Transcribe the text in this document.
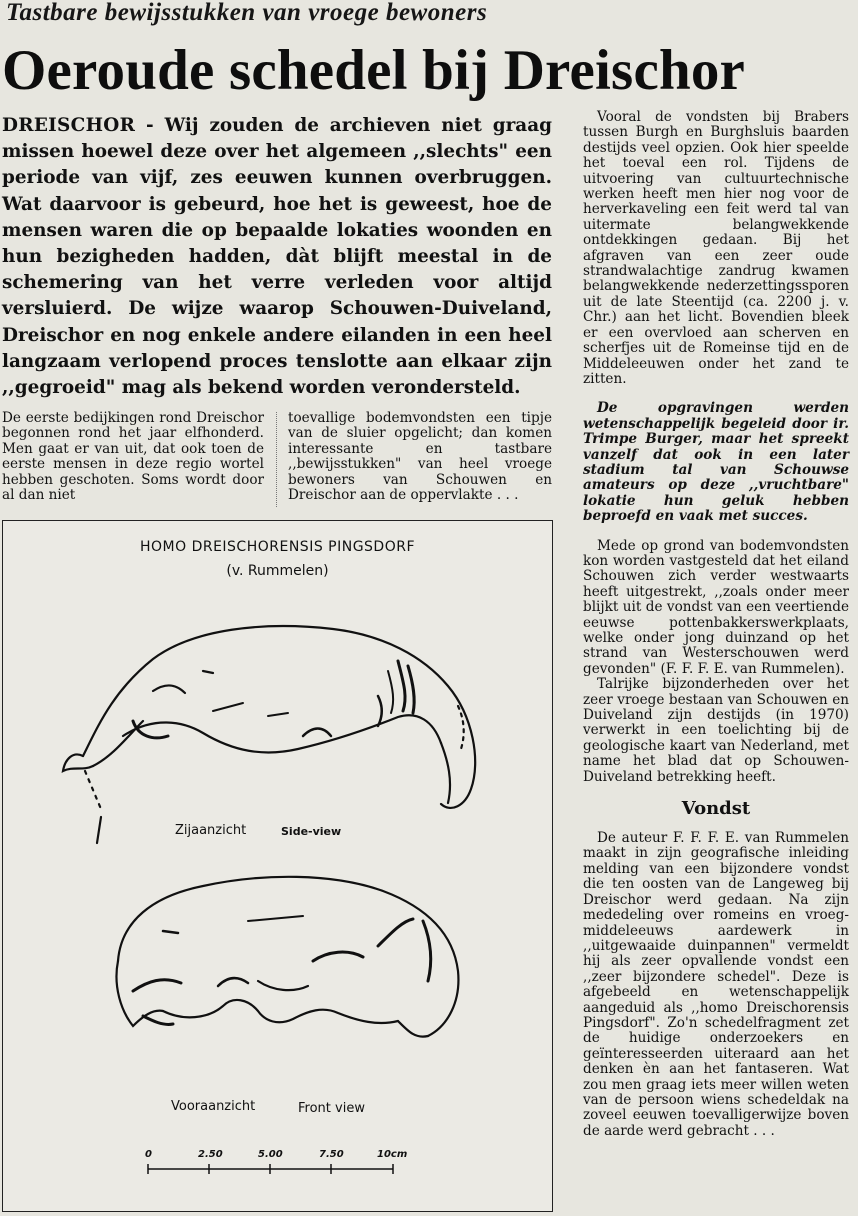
Tastbare bewijsstukken van vroege bewoners
Oeroude schedel bij Dreischor
DREISCHOR - Wij zouden de archieven niet graag missen hoewel deze over het algemeen ,,slechts" een periode van vijf, zes eeuwen kunnen overbruggen. Wat daarvoor is gebeurd, hoe het is geweest, hoe de mensen waren die op bepaalde lokaties woonden en hun bezigheden hadden, dàt blijft meestal in de schemering van het verre verleden voor altijd versluierd. De wijze waarop Schouwen-Duiveland, Dreischor en nog enkele andere eilanden in een heel langzaam verlopend proces tenslotte aan elkaar zijn ,,gegroeid" mag als bekend worden verondersteld.

De eerste bedijkingen rond Dreischor begonnen rond het jaar elfhonderd. Men gaat er van uit, dat ook toen de eerste mensen in deze regio wortel hebben geschoten. Soms wordt door al dan niet

toevallige bodemvondsten een tipje van de sluier opgelicht; dan komen interessante en tastbare ,,bewijsstukken" van heel vroege bewoners van Schouwen en Dreischor aan de oppervlakte . . .

Vooral de vondsten bij Brabers tussen Burgh en Burghsluis baarden destijds veel opzien. Ook hier speelde het toeval een rol. Tijdens de uitvoering van cultuurtechnische werken heeft men hier nog voor de herverkaveling een feit werd tal van uitermate belangwekkende ontdekkingen gedaan. Bij het afgraven van een zeer oude strandwalachtige zandrug kwamen belangwekkende nederzettingssporen uit de late Steentijd (ca. 2200 j. v. Chr.) aan het licht. Bovendien bleek er een overvloed aan scherven en scherfjes uit de Romeinse tijd en de Middeleeuwen onder het zand te zitten.

De opgravingen werden wetenschappelijk begeleid door ir. Trimpe Burger, maar het spreekt vanzelf dat ook in een later stadium tal van Schouwse amateurs op deze ,,vruchtbare" lokatie hun geluk hebben beproefd en vaak met succes.

Mede op grond van bodemvondsten kon worden vastgesteld dat het eiland Schouwen zich verder westwaarts heeft uitgestrekt, ,,zoals onder meer blijkt uit de vondst van een veertiende eeuwse pottenbakkerswerkplaats, welke onder jong duinzand op het strand van Westerschouwen werd gevonden" (F. F. F. E. van Rummelen).

Talrijke bijzonderheden over het zeer vroege bestaan van Schouwen en Duiveland zijn destijds (in 1970) verwerkt in een toelichting bij de geologische kaart van Nederland, met name het blad dat op Schouwen-Duiveland betrekking heeft.

Vondst

De auteur F. F. F. E. van Rummelen maakt in zijn geografische inleiding melding van een bijzondere vondst die ten oosten van de Langeweg bij Dreischor werd gedaan. Na zijn mededeling over romeins en vroeg-middeleeuws aardewerk in ,,uitgewaaide duinpannen" vermeldt hij als zeer opvallende vondst een ,,zeer bijzondere schedel". Deze is afgebeeld en wetenschappelijk aangeduid als ,,homo Dreischorensis Pingsdorf". Zo'n schedelfragment zet de huidige onderzoekers en geïnteresseerden uiteraard aan het denken èn aan het fantaseren. Wat zou men graag iets meer willen weten van de persoon wiens schedeldak na zoveel eeuwen toevalligerwijze boven de aarde werd gebracht . . .

HOMO DREISCHORENSIS PINGSDORF
(v. Rummelen)
Zijaanzicht	Side-view
Vooraanzicht	Front view
0	2.50	5.00	7.50	10cm
